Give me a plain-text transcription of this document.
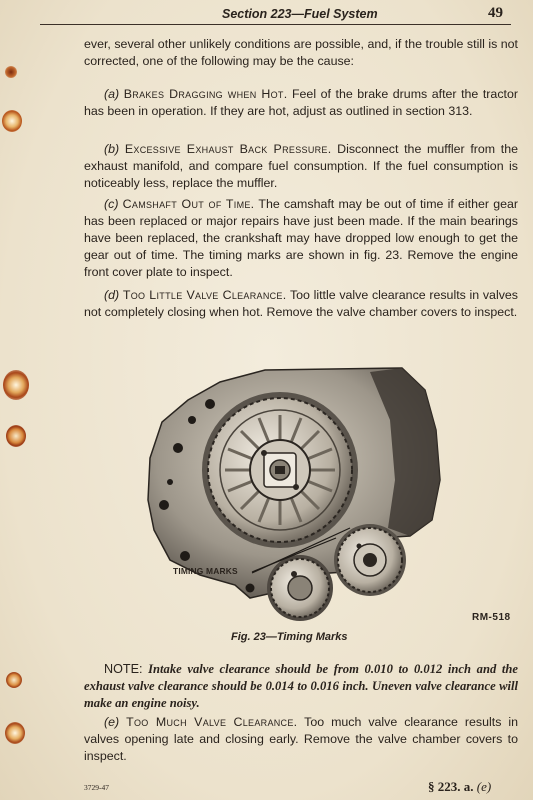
Section 223—Fuel System	49

ever, several other unlikely conditions are possible, and, if the trouble still is not corrected, one of the following may be the cause:

(a) Brakes Dragging when Hot. Feel of the brake drums after the tractor has been in operation. If they are hot, adjust as outlined in section 313.

(b) Excessive Exhaust Back Pressure. Disconnect the muffler from the exhaust manifold, and compare fuel consumption. If the fuel consumption is noticeably less, replace the muffler.

(c) Camshaft Out of Time. The camshaft may be out of time if either gear has been replaced or major repairs have just been made. If the main bearings have been replaced, the crankshaft may have dropped low enough to get the gear out of time. The timing marks are shown in fig. 23. Remove the engine front cover plate to inspect.

(d) Too Little Valve Clearance. Too little valve clearance results in valves not completely closing when hot. Remove the valve chamber covers to inspect.

TIMING MARKS
RM-518
Fig. 23—Timing Marks

NOTE: Intake valve clearance should be from 0.010 to 0.012 inch and the exhaust valve clearance should be 0.014 to 0.016 inch. Uneven valve clearance will make an engine noisy.

(e) Too Much Valve Clearance. Too much valve clearance results in valves opening late and closing early. Remove the valve chamber covers to inspect.

3729-47	§ 223. a. (e)
